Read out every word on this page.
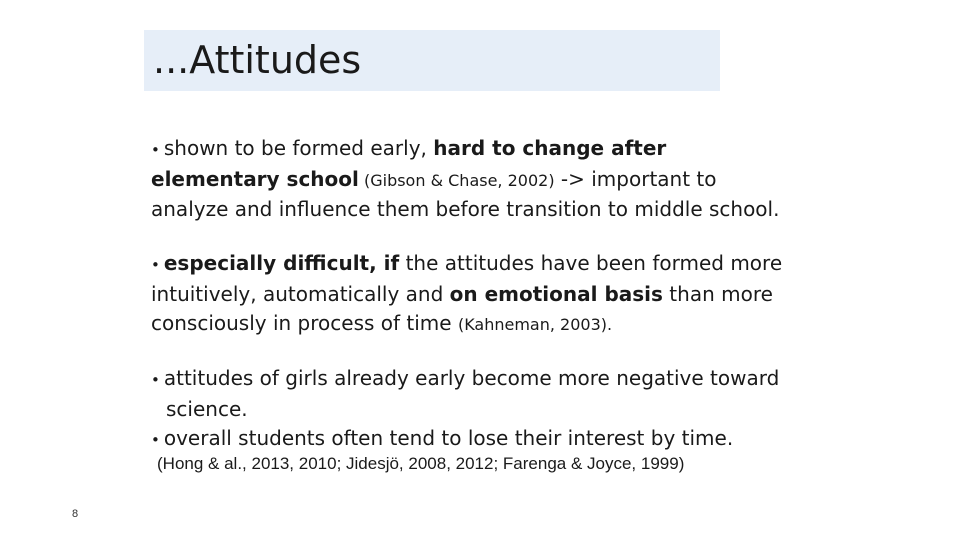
...Attitudes
• shown to be formed early, hard to change after
elementary school (Gibson & Chase, 2002) -> important to
analyze and influence them before transition to middle school.
• especially difficult, if the attitudes have been formed more
intuitively, automatically and on emotional basis than more
consciously in process of time (Kahneman, 2003).
• attitudes of girls already early become more negative toward
science.
• overall students often tend to lose their interest by time.
(Hong & al., 2013, 2010; Jidesjö, 2008, 2012; Farenga & Joyce, 1999)
8
